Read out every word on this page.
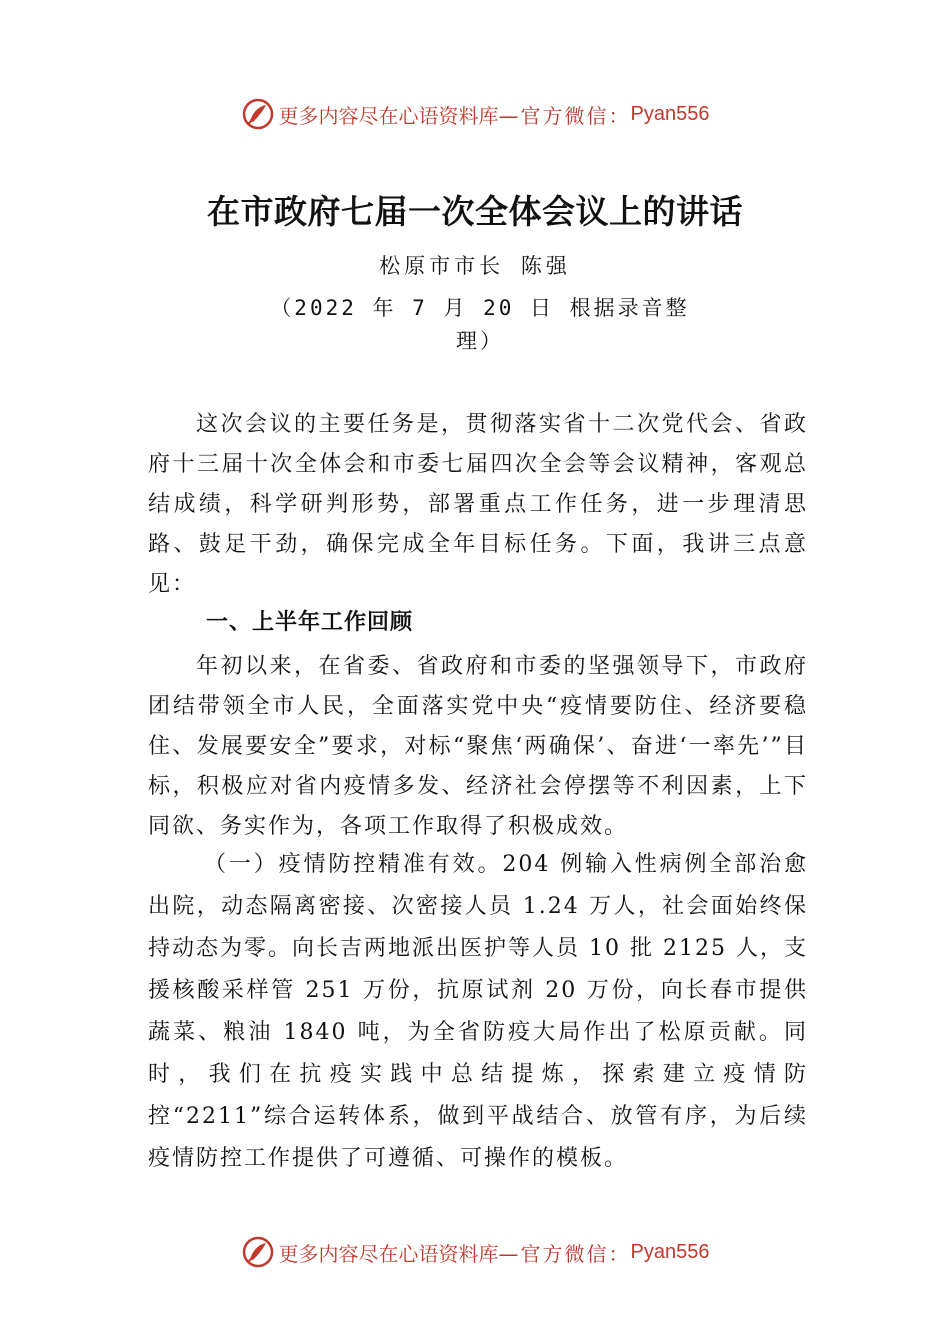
更多内容尽在心语资料库 —官方微信： Pyan556
在市政府七届一次全体会议上的讲话
松原市市长 陈强
（2022 年 7 月 20 日 根据录音整理）

这次会议的主要任务是，贯彻落实省十二次党代会、省政府十三届十次全体会和市委七届四次全会等会议精神，客观总结成绩，科学研判形势，部署重点工作任务，进一步理清思路、鼓足干劲，确保完成全年目标任务。下面，我讲三点意见：

一、上半年工作回顾

年初以来，在省委、省政府和市委的坚强领导下，市政府团结带领全市人民，全面落实党中央“疫情要防住、经济要稳住、发展要安全”要求，对标“聚焦‘两确保’、奋进‘一率先’”目标，积极应对省内疫情多发、经济社会停摆等不利因素，上下同欲、务实作为，各项工作取得了积极成效。

（一）疫情防控精准有效。204 例输入性病例全部治愈出院，动态隔离密接、次密接人员 1.24 万人，社会面始终保持动态为零。向长吉两地派出医护等人员 10 批 2125 人，支援核酸采样管 251 万份，抗原试剂 20 万份，向长春市提供蔬菜、粮油 1840 吨，为全省防疫大局作出了松原贡献。同时，我们在抗疫实践中总结提炼，探索建立疫情防控“2211”综合运转体系，做到平战结合、放管有序，为后续疫情防控工作提供了可遵循、可操作的模板。

更多内容尽在心语资料库 —官方微信： Pyan556
